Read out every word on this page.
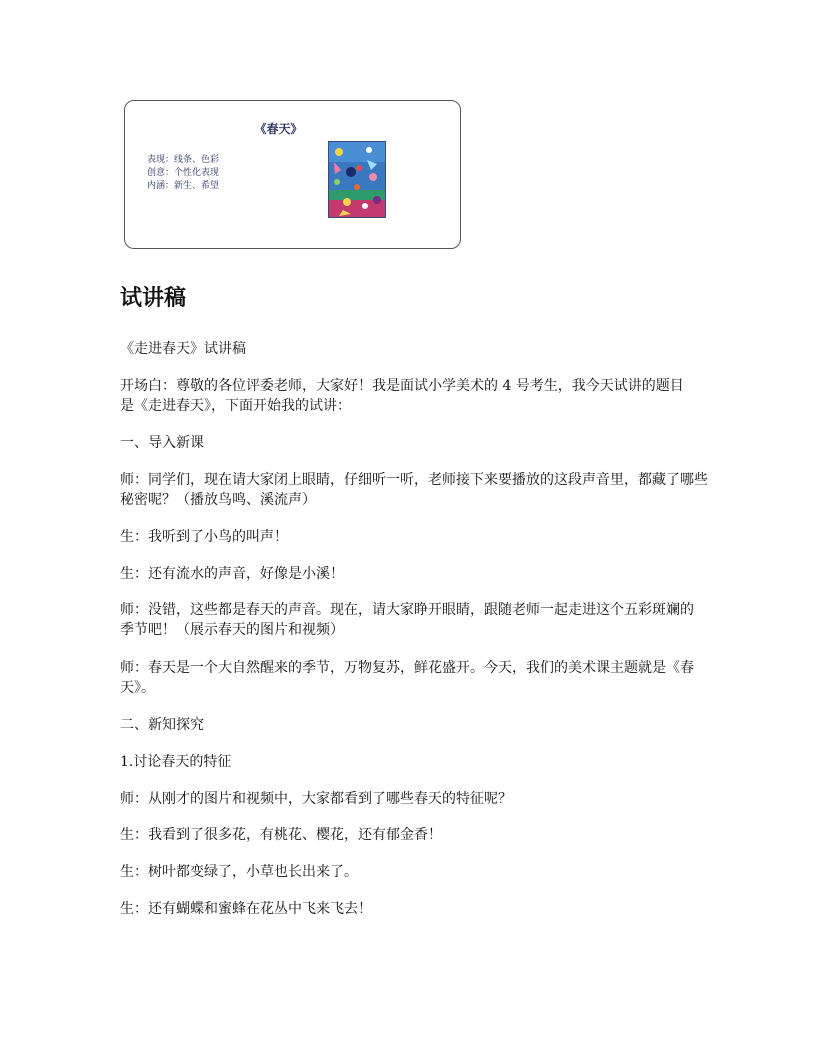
《春天》
表现：线条、色彩
创意：个性化表现
内涵：新生、希望
试讲稿

《走进春天》试讲稿

开场白：尊敬的各位评委老师，大家好！我是面试小学美术的 4 号考生，我今天试讲的题目是《走进春天》，下面开始我的试讲：

一、导入新课

师：同学们，现在请大家闭上眼睛，仔细听一听，老师接下来要播放的这段声音里，都藏了哪些秘密呢？（播放鸟鸣、溪流声）

生：我听到了小鸟的叫声！

生：还有流水的声音，好像是小溪！

师：没错，这些都是春天的声音。现在，请大家睁开眼睛，跟随老师一起走进这个五彩斑斓的季节吧！（展示春天的图片和视频）

师：春天是一个大自然醒来的季节，万物复苏，鲜花盛开。今天，我们的美术课主题就是《春天》。

二、新知探究

1.讨论春天的特征

师：从刚才的图片和视频中，大家都看到了哪些春天的特征呢？

生：我看到了很多花，有桃花、樱花，还有郁金香！

生：树叶都变绿了，小草也长出来了。

生：还有蝴蝶和蜜蜂在花丛中飞来飞去！
